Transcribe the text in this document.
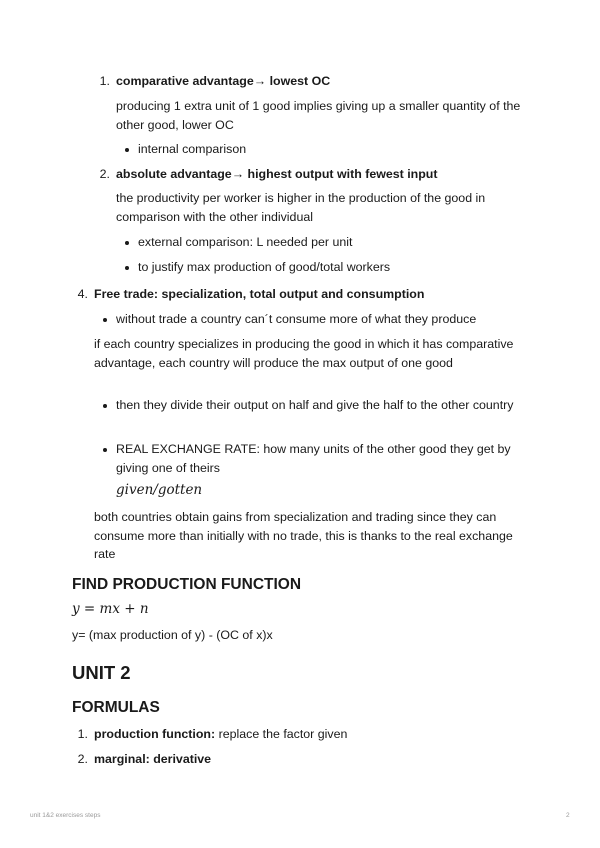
1. comparative advantage→ lowest OC
producing 1 extra unit of 1 good implies giving up a smaller quantity of the other good, lower OC
internal comparison
2. absolute advantage→ highest output with fewest input
the productivity per worker is higher in the production of the good in comparison with the other individual
external comparison: L needed per unit
to justify max production of good/total workers
4. Free trade: specialization, total output and consumption
without trade a country can´t consume more of what they produce
if each country specializes in producing the good in which it has comparative advantage, each country will produce the max output of one good
then they divide their output on half and give the half to the other country
REAL EXCHANGE RATE: how many units of the other good they get by giving one of theirs
given/gotten
both countries obtain gains from specialization and trading since they can consume more than initially with no trade, this is thanks to the real exchange rate
FIND PRODUCTION FUNCTION
y = mx + n
y= (max production of y) - (OC of x)x
UNIT 2
FORMULAS
1. production function: replace the factor given
2. marginal: derivative
unit 1&2 exercises steps	2
